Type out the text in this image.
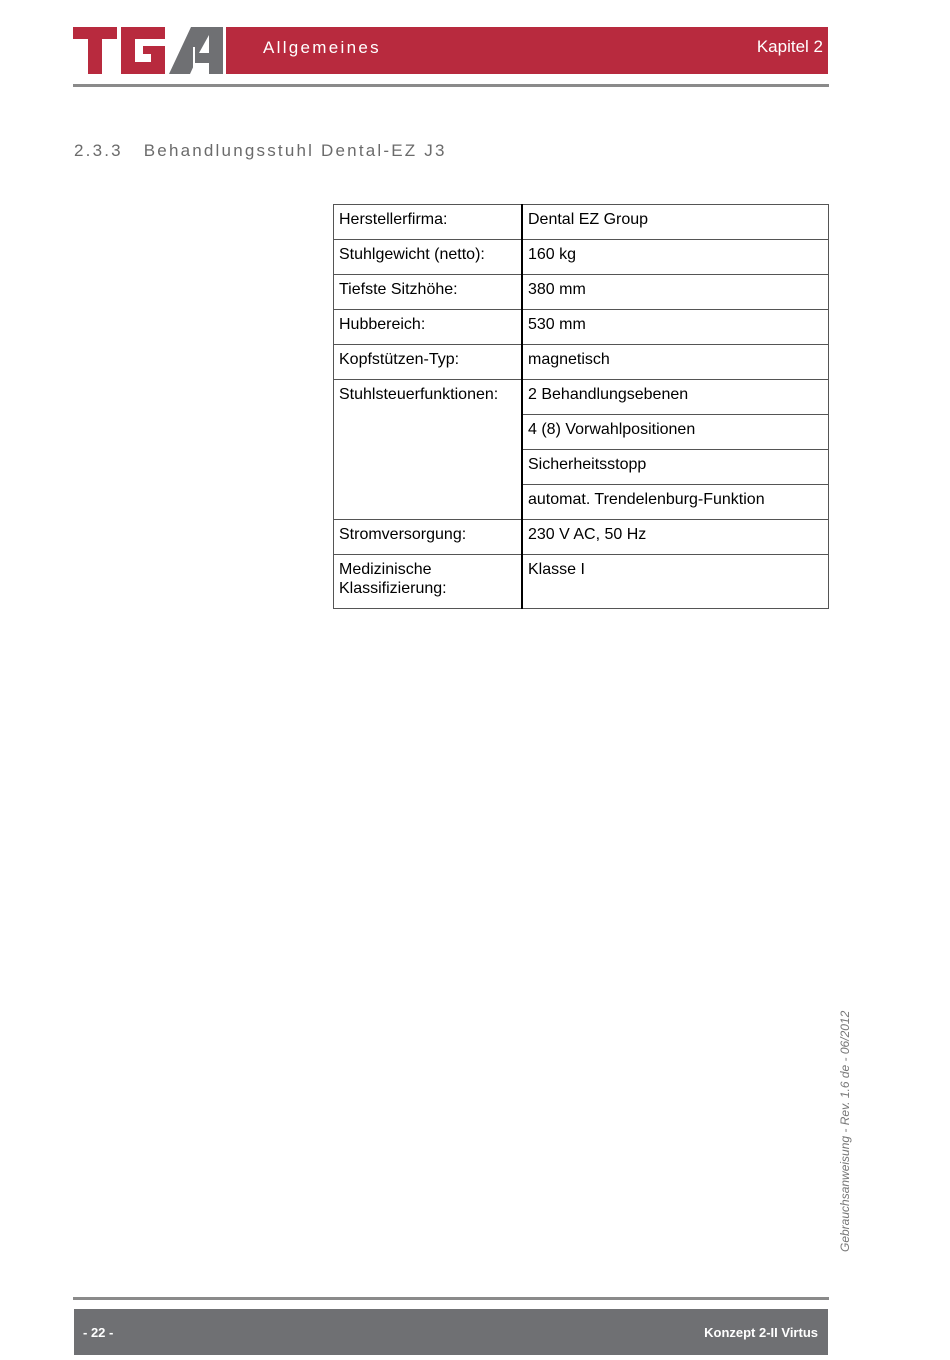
Allgemeines	Kapitel 2
2.3.3 Behandlungsstuhl Dental-EZ J3
Herstellerfirma:	Dental EZ Group
Stuhlgewicht (netto):	160 kg
Tiefste Sitzhöhe:	380 mm
Hubbereich:	530 mm
Kopfstützen-Typ:	magnetisch
Stuhlsteuerfunktionen:	2 Behandlungsebenen
	4 (8) Vorwahlpositionen
	Sicherheitsstopp
	automat. Trendelenburg-Funktion
Stromversorgung:	230 V AC, 50 Hz
Medizinische
Klassifizierung:	Klasse I
Gebrauchsanweisung - Rev. 1.6 de - 06/2012
- 22 -	Konzept 2-II Virtus
